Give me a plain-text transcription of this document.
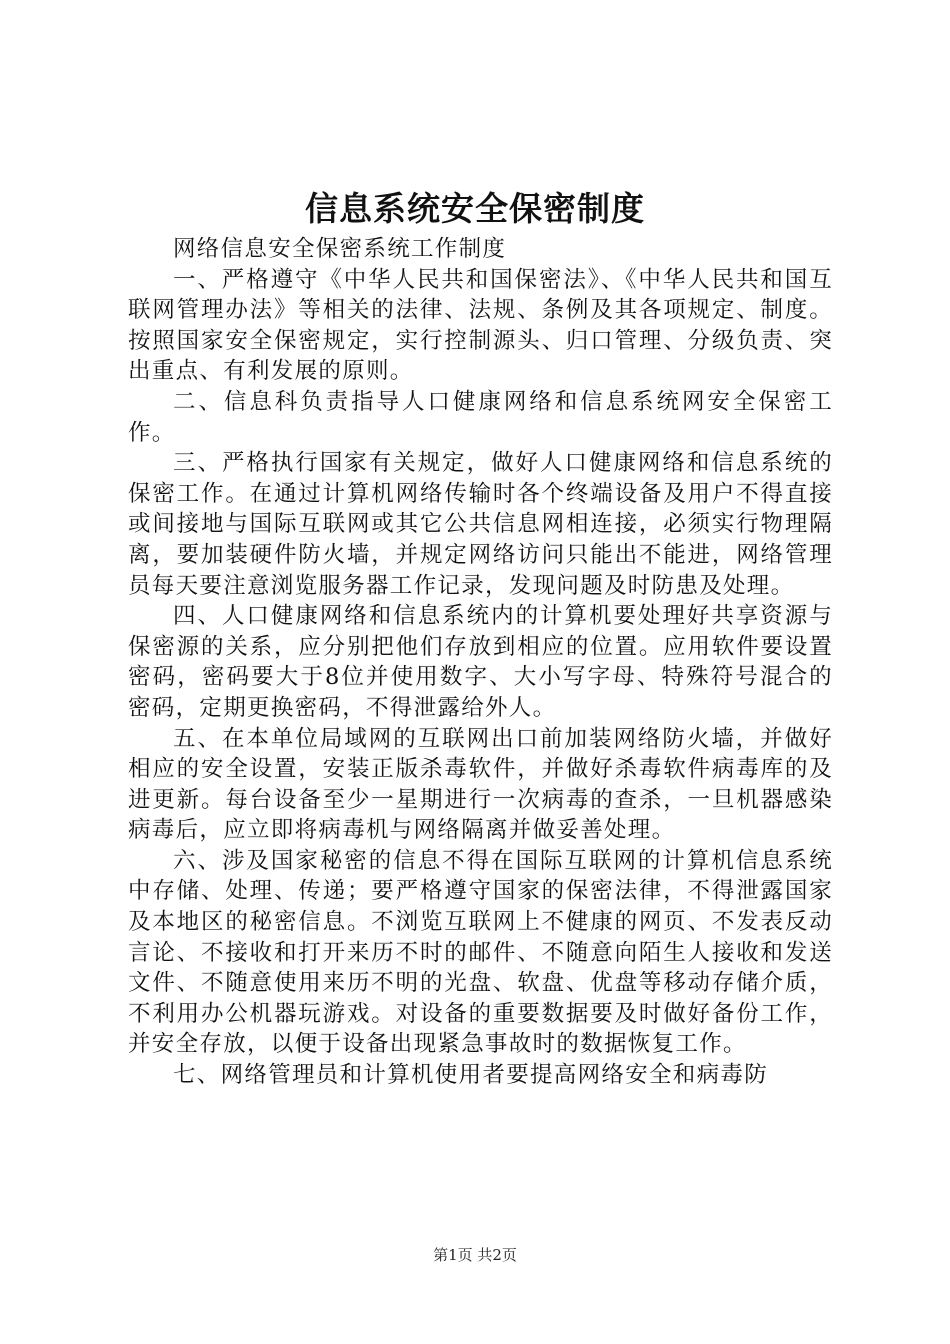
信息系统安全保密制度

网络信息安全保密系统工作制度

一、严格遵守《中华人民共和国保密法》、《中华人民共和国互联网管理办法》等相关的法律、法规、条例及其各项规定、制度。按照国家安全保密规定，实行控制源头、归口管理、分级负责、突出重点、有利发展的原则。

二、信息科负责指导人口健康网络和信息系统网安全保密工作。

三、严格执行国家有关规定，做好人口健康网络和信息系统的保密工作。在通过计算机网络传输时各个终端设备及用户不得直接或间接地与国际互联网或其它公共信息网相连接，必须实行物理隔离，要加装硬件防火墙，并规定网络访问只能出不能进，网络管理员每天要注意浏览服务器工作记录，发现问题及时防患及处理。

四、人口健康网络和信息系统内的计算机要处理好共享资源与保密源的关系，应分别把他们存放到相应的位置。应用软件要设置密码，密码要大于8位并使用数字、大小写字母、特殊符号混合的密码，定期更换密码，不得泄露给外人。

五、在本单位局域网的互联网出口前加装网络防火墙，并做好相应的安全设置，安装正版杀毒软件，并做好杀毒软件病毒库的及进更新。每台设备至少一星期进行一次病毒的查杀，一旦机器感染病毒后，应立即将病毒机与网络隔离并做妥善处理。

六、涉及国家秘密的信息不得在国际互联网的计算机信息系统中存储、处理、传递；要严格遵守国家的保密法律，不得泄露国家及本地区的秘密信息。不浏览互联网上不健康的网页、不发表反动言论、不接收和打开来历不时的邮件、不随意向陌生人接收和发送文件、不随意使用来历不明的光盘、软盘、优盘等移动存储介质，不利用办公机器玩游戏。对设备的重要数据要及时做好备份工作，并安全存放，以便于设备出现紧急事故时的数据恢复工作。

七、网络管理员和计算机使用者要提高网络安全和病毒防

第1页 共2页
